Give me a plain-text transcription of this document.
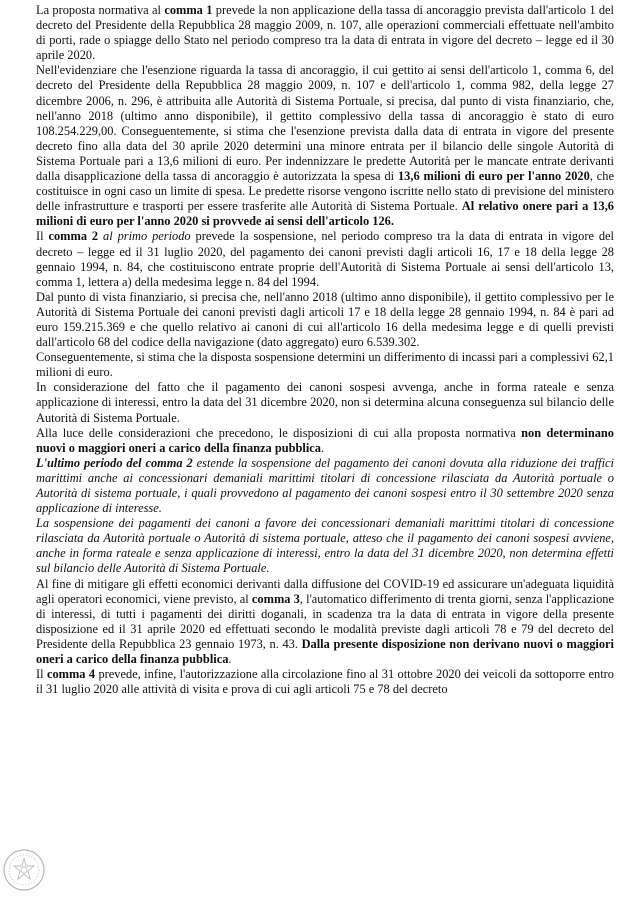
La proposta normativa al comma 1 prevede la non applicazione della tassa di ancoraggio prevista dall'articolo 1 del decreto del Presidente della Repubblica 28 maggio 2009, n. 107, alle operazioni commerciali effettuate nell'ambito di porti, rade o spiagge dello Stato nel periodo compreso tra la data di entrata in vigore del decreto – legge ed il 30 aprile 2020.

Nell'evidenziare che l'esenzione riguarda la tassa di ancoraggio, il cui gettito ai sensi dell'articolo 1, comma 6, del decreto del Presidente della Repubblica 28 maggio 2009, n. 107 e dell'articolo 1, comma 982, della legge 27 dicembre 2006, n. 296, è attribuita alle Autorità di Sistema Portuale, si precisa, dal punto di vista finanziario, che, nell'anno 2018 (ultimo anno disponibile), il gettito complessivo della tassa di ancoraggio è stato di euro 108.254.229,00. Conseguentemente, si stima che l'esenzione prevista dalla data di entrata in vigore del presente decreto fino alla data del 30 aprile 2020 determini una minore entrata per il bilancio delle singole Autorità di Sistema Portuale pari a 13,6 milioni di euro. Per indennizzare le predette Autorità per le mancate entrate derivanti dalla disapplicazione della tassa di ancoraggio è autorizzata la spesa di 13,6 milioni di euro per l'anno 2020, che costituisce in ogni caso un limite di spesa. Le predette risorse vengono iscritte nello stato di previsione del ministero delle infrastrutture e trasporti per essere trasferite alle Autorità di Sistema Portuale. Al relativo onere pari a 13,6 milioni di euro per l'anno 2020 si provvede ai sensi dell'articolo 126.

Il comma 2 al primo periodo prevede la sospensione, nel periodo compreso tra la data di entrata in vigore del decreto – legge ed il 31 luglio 2020, del pagamento dei canoni previsti dagli articoli 16, 17 e 18 della legge 28 gennaio 1994, n. 84, che costituiscono entrate proprie dell'Autorità di Sistema Portuale ai sensi dell'articolo 13, comma 1, lettera a) della medesima legge n. 84 del 1994.

Dal punto di vista finanziario, si precisa che, nell'anno 2018 (ultimo anno disponibile), il gettito complessivo per le Autorità di Sistema Portuale dei canoni previsti dagli articoli 17 e 18 della legge 28 gennaio 1994, n. 84 è pari ad euro 159.215.369 e che quello relativo ai canoni di cui all'articolo 16 della medesima legge e di quelli previsti dall'articolo 68 del codice della navigazione (dato aggregato) euro 6.539.302.

Conseguentemente, si stima che la disposta sospensione determini un differimento di incassi pari a complessivi 62,1 milioni di euro.

In considerazione del fatto che il pagamento dei canoni sospesi avvenga, anche in forma rateale e senza applicazione di interessi, entro la data del 31 dicembre 2020, non si determina alcuna conseguenza sul bilancio delle Autorità di Sistema Portuale.

Alla luce delle considerazioni che precedono, le disposizioni di cui alla proposta normativa non determinano nuovi o maggiori oneri a carico della finanza pubblica.

L'ultimo periodo del comma 2 estende la sospensione del pagamento dei canoni dovuta alla riduzione dei traffici marittimi anche ai concessionari demaniali marittimi titolari di concessione rilasciata da Autorità portuale o Autorità di sistema portuale, i quali provvedono al pagamento dei canoni sospesi entro il 30 settembre 2020 senza applicazione di interesse.

La sospensione dei pagamenti dei canoni a favore dei concessionari demaniali marittimi titolari di concessione rilasciata da Autorità portuale o Autorità di sistema portuale, atteso che il pagamento dei canoni sospesi avviene, anche in forma rateale e senza applicazione di interessi, entro la data del 31 dicembre 2020, non determina effetti sul bilancio delle Autorità di Sistema Portuale.

Al fine di mitigare gli effetti economici derivanti dalla diffusione del COVID-19 ed assicurare un'adeguata liquidità agli operatori economici, viene previsto, al comma 3, l'automatico differimento di trenta giorni, senza l'applicazione di interessi, di tutti i pagamenti dei diritti doganali, in scadenza tra la data di entrata in vigore della presente disposizione ed il 31 aprile 2020 ed effettuati secondo le modalità previste dagli articoli 78 e 79 del decreto del Presidente della Repubblica 23 gennaio 1973, n. 43. Dalla presente disposizione non derivano nuovi o maggiori oneri a carico della finanza pubblica.

Il comma 4 prevede, infine, l'autorizzazione alla circolazione fino al 31 ottobre 2020 dei veicoli da sottoporre entro il 31 luglio 2020 alle attività di visita e prova di cui agli articoli 75 e 78 del decreto
